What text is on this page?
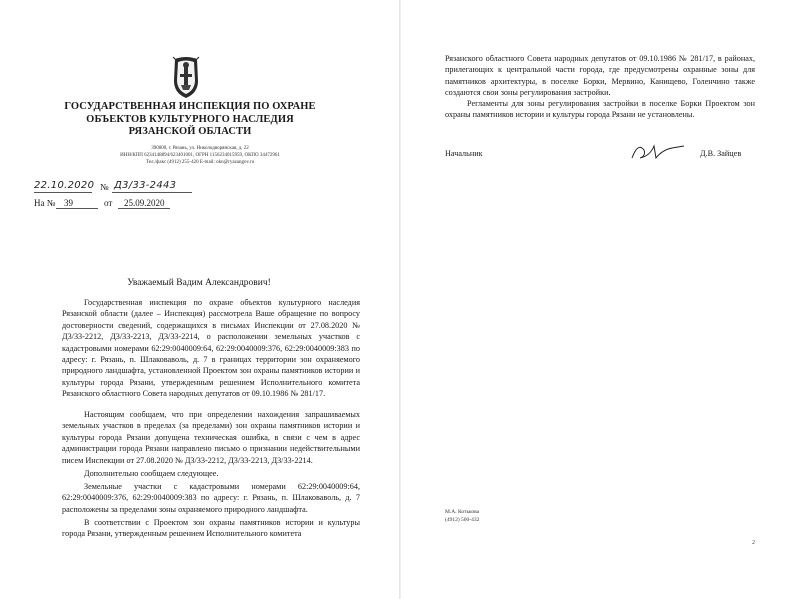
ГОСУДАРСТВЕННАЯ ИНСПЕКЦИЯ ПО ОХРАНЕ
ОБЪЕКТОВ КУЛЬТУРНОГО НАСЛЕДИЯ
РЯЗАНСКОЙ ОБЛАСТИ
390000, г. Рязань, ул. Николодворянская, д. 22
ИНН/КПП 6234148894/623401001, ОГРН 1156234015959, ОКПО 34472961
Тел./факс (4912) 255-420 E-mail: okn@ryazangov.ru
22.10.2020 № Д3/33-2443
На № 39	от 25.09.2020
Уважаемый Вадим Александрович!

Государственная инспекция по охране объектов культурного наследия Рязанской области (далее – Инспекция) рассмотрела Ваше обращение по вопросу достоверности сведений, содержащихся в письмах Инспекции от 27.08.2020 № Д3/33-2212, Д3/33-2213, Д3/33-2214, о расположении земельных участков с кадастровыми номерами 62:29:0040009:64, 62:29:0040009:376, 62:29:0040009:383 по адресу: г. Рязань, п. Шлаковаволь, д. 7 в границах территории зон охраняемого природного ландшафта, установленной Проектом зон охраны памятников истории и культуры города Рязани, утвержденным решением Исполнительного комитета Рязанского областного Совета народных депутатов от 09.10.1986 № 281/17.

Настоящим сообщаем, что при определении нахождения запрашиваемых земельных участков в пределах (за пределами) зон охраны памятников истории и культуры города Рязани допущена техническая ошибка, в связи с чем в адрес администрации города Рязани направлено письмо о признании недействительными писем Инспекции от 27.08.2020 № Д3/33-2212, Д3/33-2213, Д3/33-2214.

Дополнительно сообщаем следующее.

Земельные участки с кадастровыми номерами 62:29:0040009:64, 62:29:0040009:376, 62:29:0040009:383 по адресу: г. Рязань, п. Шлаковаволь, д. 7 расположены за пределами зоны охраняемого природного ландшафта.

В соответствии с Проектом зон охраны памятников истории и культуры города Рязани, утвержденным решением Исполнительного комитета

Рязанского областного Совета народных депутатов от 09.10.1986 № 281/17, в районах, прилегающих к центральной части города, где предусмотрены охранные зоны для памятников архитектуры, в поселке Борки, Мервино, Канищево, Голенчино также создаются свои зоны регулирования застройки.

Регламенты для зоны регулирования застройки в поселке Борки Проектом зон охраны памятников истории и культуры города Рязани не установлены.

Начальник	Д.В. Зайцев
М.А. Котькова
(4912) 500-432
2
